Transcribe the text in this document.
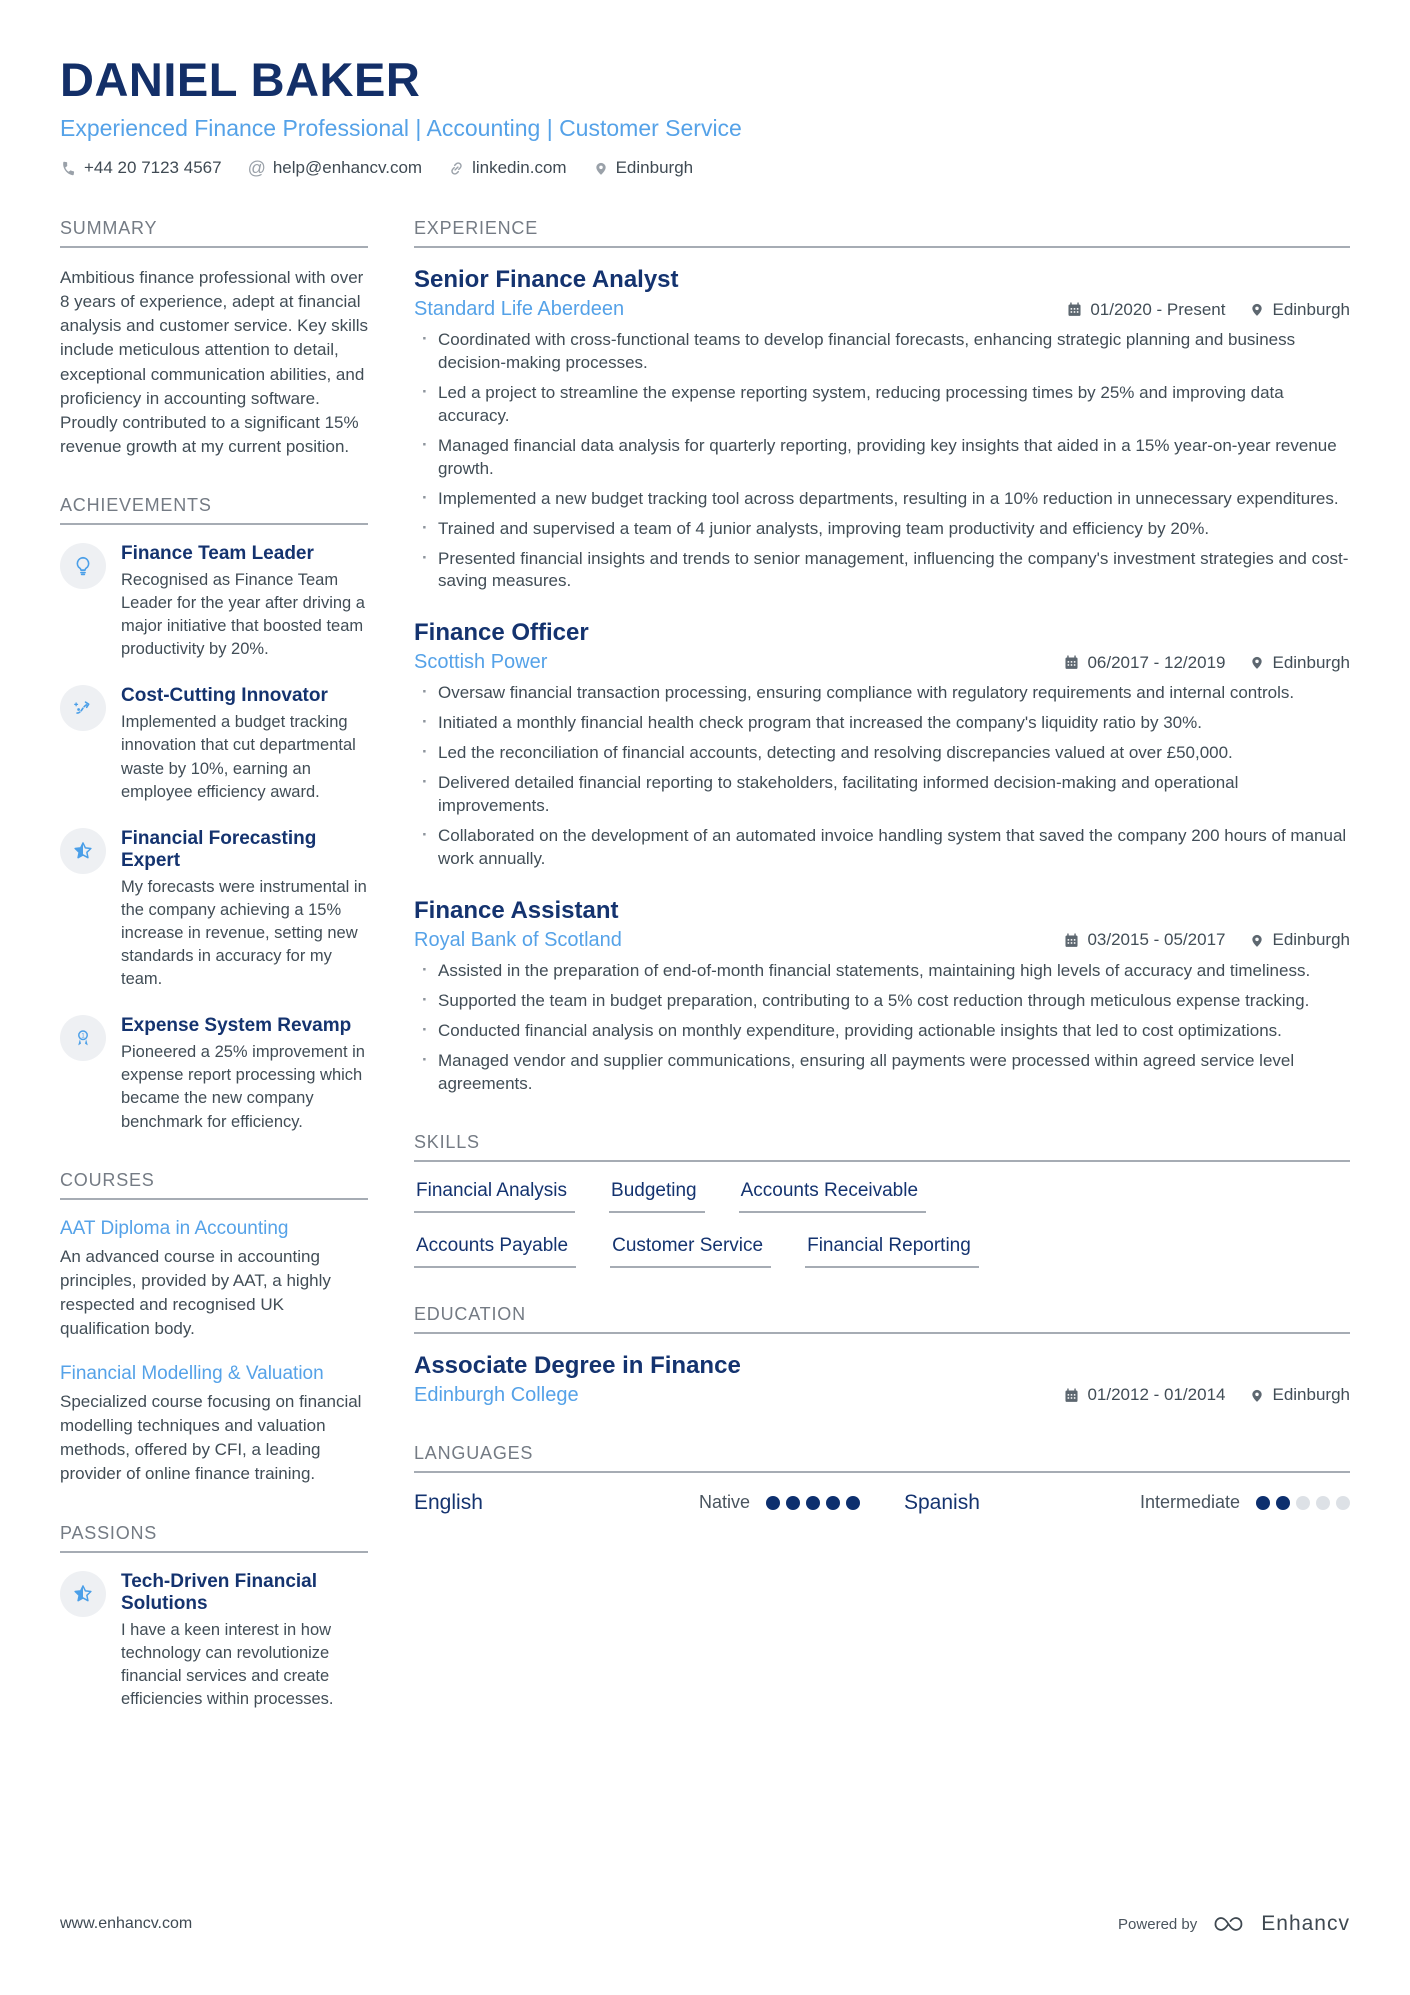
DANIEL BAKER
Experienced Finance Professional | Accounting | Customer Service
+44 20 7123 4567 @ help@enhancv.com	linkedin.com	Edinburgh
SUMMARY

Ambitious finance professional with over 8 years of experience, adept at financial analysis and customer service. Key skills include meticulous attention to detail, exceptional communication abilities, and proficiency in accounting software. Proudly contributed to a significant 15% revenue growth at my current position.

ACHIEVEMENTS
Finance Team Leader
Recognised as Finance Team Leader for the year after driving a major initiative that boosted team productivity by 20%.
Cost-Cutting Innovator
Implemented a budget tracking innovation that cut departmental waste by 10%, earning an employee efficiency award.
Financial Forecasting Expert
My forecasts were instrumental in the company achieving a 15% increase in revenue, setting new standards in accuracy for my team.
1
Expense System Revamp
Pioneered a 25% improvement in expense report processing which became the new company benchmark for efficiency.
COURSES
AAT Diploma in Accounting

An advanced course in accounting principles, provided by AAT, a highly respected and recognised UK qualification body.

Financial Modelling & Valuation

Specialized course focusing on financial modelling techniques and valuation methods, offered by CFI, a leading provider of online finance training.

PASSIONS
Tech-Driven Financial Solutions
I have a keen interest in how technology can revolutionize financial services and create efficiencies within processes.
EXPERIENCE
Senior Finance Analyst
Standard Life Aberdeen	01/2020 - Present	Edinburgh
· Coordinated with cross-functional teams to develop financial forecasts, enhancing strategic planning and business decision-making processes.
· Led a project to streamline the expense reporting system, reducing processing times by 25% and improving data accuracy.
· Managed financial data analysis for quarterly reporting, providing key insights that aided in a 15% year-on-year revenue growth.
· Implemented a new budget tracking tool across departments, resulting in a 10% reduction in unnecessary expenditures.
· Trained and supervised a team of 4 junior analysts, improving team productivity and efficiency by 20%.
· Presented financial insights and trends to senior management, influencing the company's investment strategies and cost-saving measures.
Finance Officer
Scottish Power	06/2017 - 12/2019	Edinburgh
· Oversaw financial transaction processing, ensuring compliance with regulatory requirements and internal controls.
· Initiated a monthly financial health check program that increased the company's liquidity ratio by 30%.
· Led the reconciliation of financial accounts, detecting and resolving discrepancies valued at over £50,000.
· Delivered detailed financial reporting to stakeholders, facilitating informed decision-making and operational improvements.
· Collaborated on the development of an automated invoice handling system that saved the company 200 hours of manual work annually.
Finance Assistant
Royal Bank of Scotland	03/2015 - 05/2017	Edinburgh
· Assisted in the preparation of end-of-month financial statements, maintaining high levels of accuracy and timeliness.
· Supported the team in budget preparation, contributing to a 5% cost reduction through meticulous expense tracking.
· Conducted financial analysis on monthly expenditure, providing actionable insights that led to cost optimizations.
· Managed vendor and supplier communications, ensuring all payments were processed within agreed service level agreements.
SKILLS
Financial Analysis	Budgeting	Accounts Receivable
Accounts Payable	Customer Service	Financial Reporting
EDUCATION
Associate Degree in Finance
Edinburgh College	01/2012 - 01/2014	Edinburgh
LANGUAGES
English	Native	Spanish	Intermediate
www.enhancv.com	Powered by	Enhancv
